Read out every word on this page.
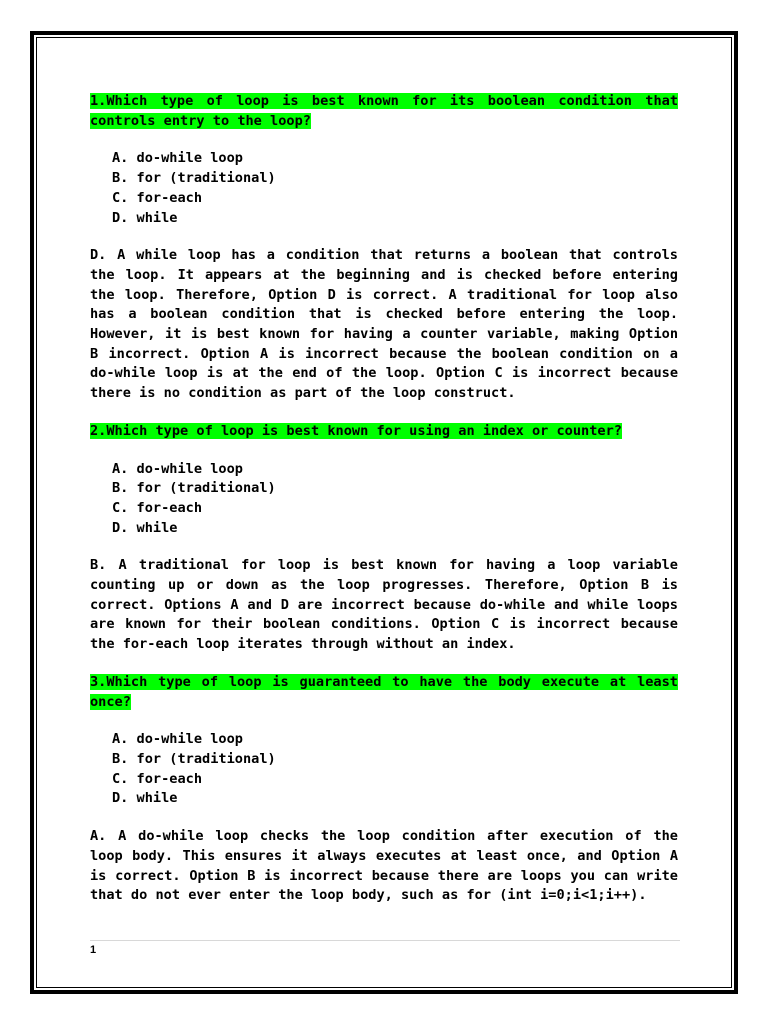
1.Which type of loop is best known for its boolean condition that controls entry to the loop?

A. do-while loop
B. for (traditional)
C. for-each
D. while

D. A while loop has a condition that returns a boolean that controls the loop. It appears at the beginning and is checked before entering the loop. Therefore, Option D is correct. A traditional for loop also has a boolean condition that is checked before entering the loop. However, it is best known for having a counter variable, making Option B incorrect. Option A is incorrect because the boolean condition on a do-while loop is at the end of the loop. Option C is incorrect because there is no condition as part of the loop construct.

2.Which type of loop is best known for using an index or counter?

A. do-while loop
B. for (traditional)
C. for-each
D. while

B. A traditional for loop is best known for having a loop variable counting up or down as the loop progresses. Therefore, Option B is correct. Options A and D are incorrect because do-while and while loops are known for their boolean conditions. Option C is incorrect because the for-each loop iterates through without an index.

3.Which type of loop is guaranteed to have the body execute at least once?

A. do-while loop
B. for (traditional)
C. for-each
D. while

A. A do-while loop checks the loop condition after execution of the loop body. This ensures it always executes at least once, and Option A is correct. Option B is incorrect because there are loops you can write that do not ever enter the loop body, such as for (int i=0;i<1;i++).

1
